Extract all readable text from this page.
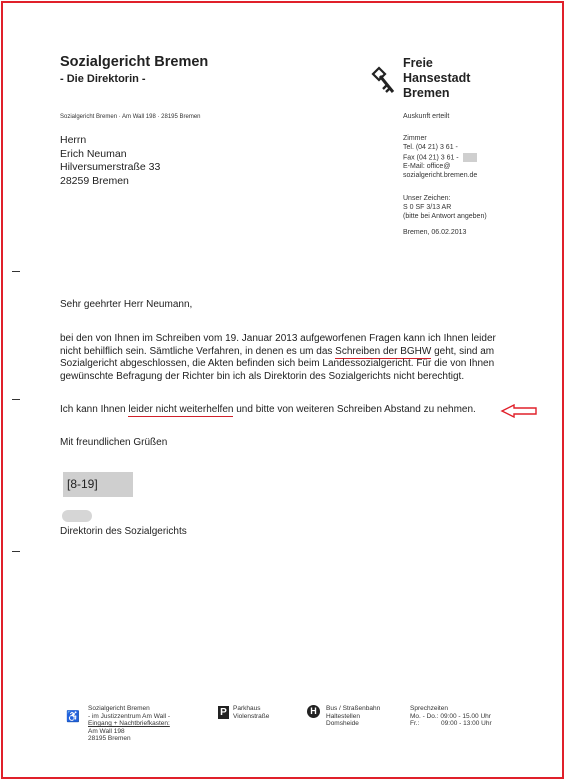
Sozialgericht Bremen
- Die Direktorin -
Sozialgericht Bremen · Am Wall 198 · 28195 Bremen
Freie
Hansestadt
Bremen
Herrn
Erich Neuman
Hilversumerstraße 33
28259 Bremen
Auskunft erteilt
Zimmer
Tel. (04 21) 3 61 -
Fax (04 21) 3 61 -
E-Mail: office@
sozialgericht.bremen.de
Unser Zeichen:
S 0 SF 3/13 AR
(bitte bei Antwort angeben)
Bremen, 06.02.2013
Sehr geehrter Herr Neumann,
bei den von Ihnen im Schreiben vom 19. Januar 2013 aufgeworfenen Fragen kann ich Ihnen leider
nicht behilflich sein. Sämtliche Verfahren, in denen es um das Schreiben der BGHW geht, sind am
Sozialgericht abgeschlossen, die Akten befinden sich beim Landessozialgericht. Für die von Ihnen
gewünschte Befragung der Richter bin ich als Direktorin des Sozialgerichts nicht berechtigt.
Ich kann Ihnen leider nicht weiterhelfen und bitte von weiteren Schreiben Abstand zu nehmen.
Mit freundlichen Grüßen
[8-19]
Direktorin des Sozialgerichts
♿
Sozialgericht Bremen
- im Justizzentrum Am Wall -
Eingang + Nachtbriefkasten:
Am Wall 198
28195 Bremen
P Parkhaus
Violenstraße
H	Bus / Straßenbahn
Haltestellen
Domsheide
Sprechzeiten
Mo. - Do.: 09:00 - 15.00 Uhr
Fr.:            09:00 - 13:00 Uhr
